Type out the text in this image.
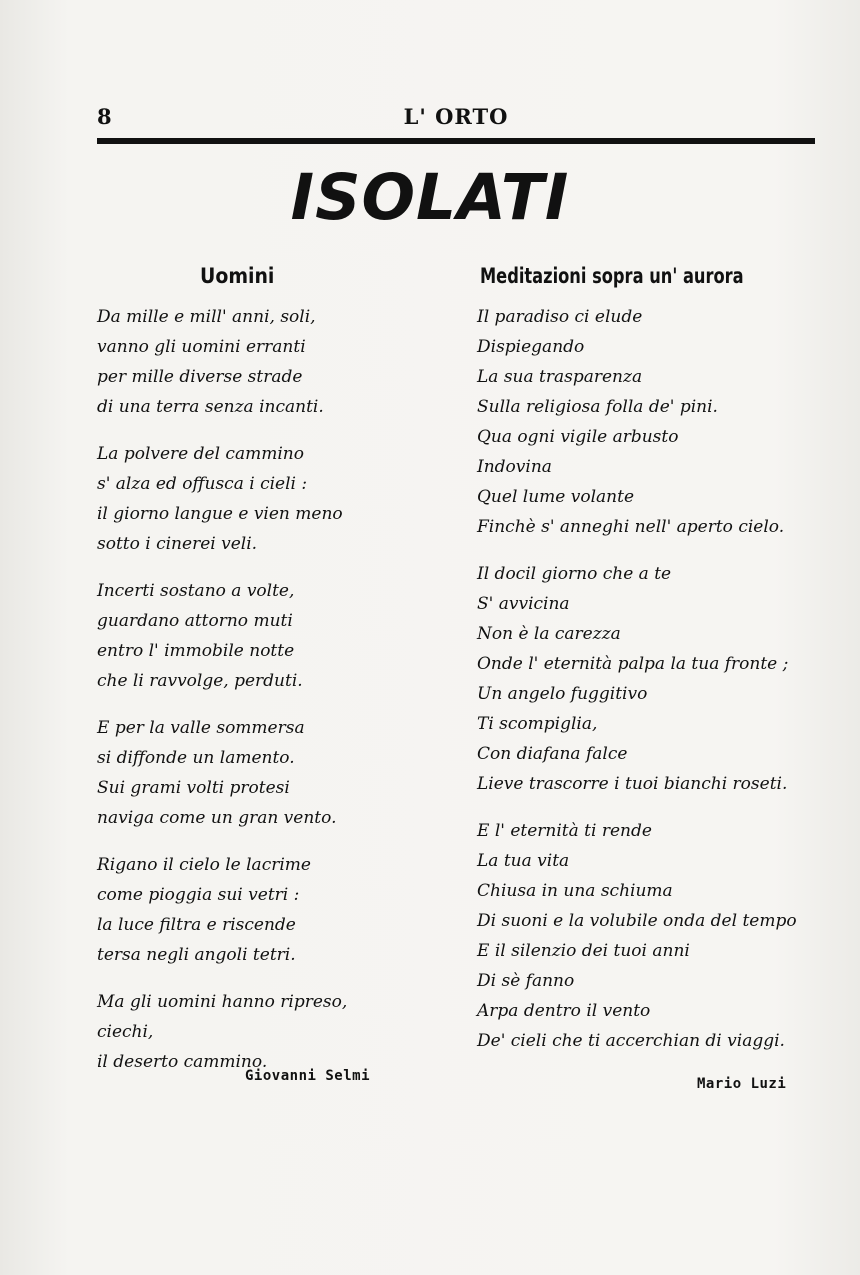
8	L' ORTO
ISOLATI
Uomini	Meditazioni sopra un' aurora
Da mille e mill' anni, soli,
vanno gli uomini erranti
per mille diverse strade
di una terra senza incanti.
La polvere del cammino
s' alza ed offusca i cieli :
il giorno langue e vien meno
sotto i cinerei veli.
Incerti sostano a volte,
guardano attorno muti
entro l' immobile notte
che li ravvolge, perduti.
E per la valle sommersa
si diffonde un lamento.
Sui grami volti protesi
naviga come un gran vento.
Rigano il cielo le lacrime
come pioggia sui vetri :
la luce filtra e riscende
tersa negli angoli tetri.
Ma gli uomini hanno ripreso,
ciechi,
il deserto cammino.
Il paradiso ci elude
Dispiegando
La sua trasparenza
Sulla religiosa folla de' pini.
Qua ogni vigile arbusto
Indovina
Quel lume volante
Finchè s' anneghi nell' aperto cielo.
Il docil giorno che a te
S' avvicina
Non è la carezza
Onde l' eternità palpa la tua fronte ;
Un angelo fuggitivo
Ti scompiglia,
Con diafana falce
Lieve trascorre i tuoi bianchi roseti.
E l' eternità ti rende
La tua vita
Chiusa in una schiuma
Di suoni e la volubile onda del tempo
E il silenzio dei tuoi anni
Di sè fanno
Arpa dentro il vento
De' cieli che ti accerchian di viaggi.
Giovanni Selmi	Mario Luzi
